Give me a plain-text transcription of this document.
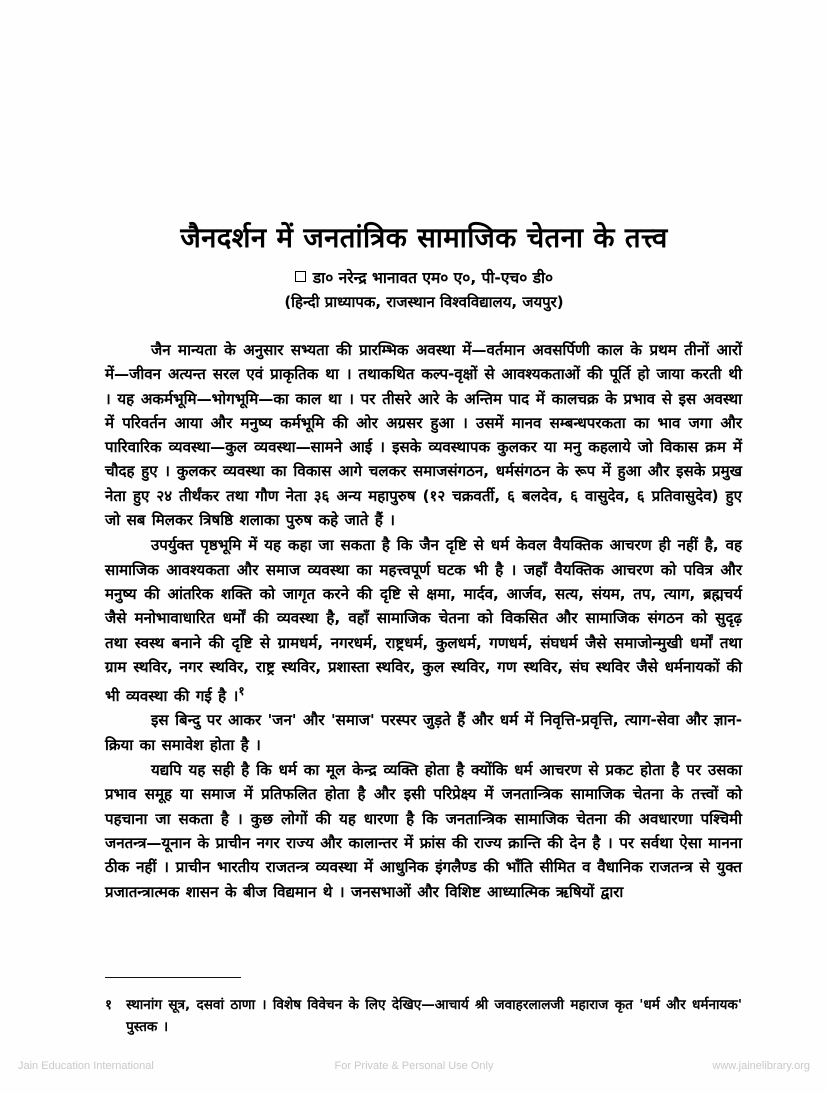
जैनदर्शन में जनतांत्रिक सामाजिक चेतना के तत्त्व
डा० नरेन्द्र भानावत एम० ए०, पी-एच० डी०
(हिन्दी प्राध्यापक, राजस्थान विश्वविद्यालय, जयपुर)

जैन मान्यता के अनुसार सभ्यता की प्रारम्भिक अवस्था में—वर्तमान अवसर्पिणी काल के प्रथम तीनों आरों में—जीवन अत्यन्त सरल एवं प्राकृतिक था । तथाकथित कल्प-वृक्षों से आवश्यकताओं की पूर्ति हो जाया करती थी । यह अकर्मभूमि—भोगभूमि—का काल था । पर तीसरे आरे के अन्तिम पाद में कालचक्र के प्रभाव से इस अवस्था में परिवर्तन आया और मनुष्य कर्मभूमि की ओर अग्रसर हुआ । उसमें मानव सम्बन्धपरकता का भाव जगा और पारिवारिक व्यवस्था—कुल व्यवस्था—सामने आई । इसके व्यवस्थापक कुलकर या मनु कहलाये जो विकास क्रम में चौदह हुए । कुलकर व्यवस्था का विकास आगे चलकर समाजसंगठन, धर्मसंगठन के रूप में हुआ और इसके प्रमुख नेता हुए २४ तीर्थंकर तथा गौण नेता ३६ अन्य महापुरुष (१२ चक्रवर्ती, ६ बलदेव, ६ वासुदेव, ६ प्रतिवासुदेव) हुए जो सब मिलकर त्रिषष्ठि शलाका पुरुष कहे जाते हैं ।

उपर्युक्त पृष्ठभूमि में यह कहा जा सकता है कि जैन दृष्टि से धर्म केवल वैयक्तिक आचरण ही नहीं है, वह सामाजिक आवश्यकता और समाज व्यवस्था का महत्त्वपूर्ण घटक भी है । जहाँ वैयक्तिक आचरण को पवित्र और मनुष्य की आंतरिक शक्ति को जागृत करने की दृष्टि से क्षमा, मार्दव, आर्जव, सत्य, संयम, तप, त्याग, ब्रह्मचर्य जैसे मनोभावाधारित धर्मों की व्यवस्था है, वहाँ सामाजिक चेतना को विकसित और सामाजिक संगठन को सुदृढ़ तथा स्वस्थ बनाने की दृष्टि से ग्रामधर्म, नगरधर्म, राष्ट्रधर्म, कुलधर्म, गणधर्म, संघधर्म जैसे समाजोन्मुखी धर्मों तथा ग्राम स्थविर, नगर स्थविर, राष्ट्र स्थविर, प्रशास्ता स्थविर, कुल स्थविर, गण स्थविर, संघ स्थविर जैसे धर्मनायकों की भी व्यवस्था की गई है ।$^१$

इस बिन्दु पर आकर 'जन' और 'समाज' परस्पर जुड़ते हैं और धर्म में निवृत्ति-प्रवृत्ति, त्याग-सेवा और ज्ञान-क्रिया का समावेश होता है ।

यद्यपि यह सही है कि धर्म का मूल केन्द्र व्यक्ति होता है क्योंकि धर्म आचरण से प्रकट होता है पर उसका प्रभाव समूह या समाज में प्रतिफलित होता है और इसी परिप्रेक्ष्य में जनतान्त्रिक सामाजिक चेतना के तत्त्वों को पहचाना जा सकता है । कुछ लोगों की यह धारणा है कि जनतान्त्रिक सामाजिक चेतना की अवधारणा पश्चिमी जनतन्त्र—यूनान के प्राचीन नगर राज्य और कालान्तर में फ्रांस की राज्य क्रान्ति की देन है । पर सर्वथा ऐसा मानना ठीक नहीं । प्राचीन भारतीय राजतन्त्र व्यवस्था में आधुनिक इंगलैण्ड की भाँति सीमित व वैधानिक राजतन्त्र से युक्त प्रजातन्त्रात्मक शासन के बीज विद्यमान थे । जनसभाओं और विशिष्ट आध्यात्मिक ऋषियों द्वारा

१ स्थानांग सूत्र, दसवां ठाणा । विशेष विवेचन के लिए देखिए—आचार्य श्री जवाहरलालजी महाराज कृत 'धर्म और धर्मनायक' पुस्तक ।
Jain Education International	For Private & Personal Use Only	www.jainelibrary.org
